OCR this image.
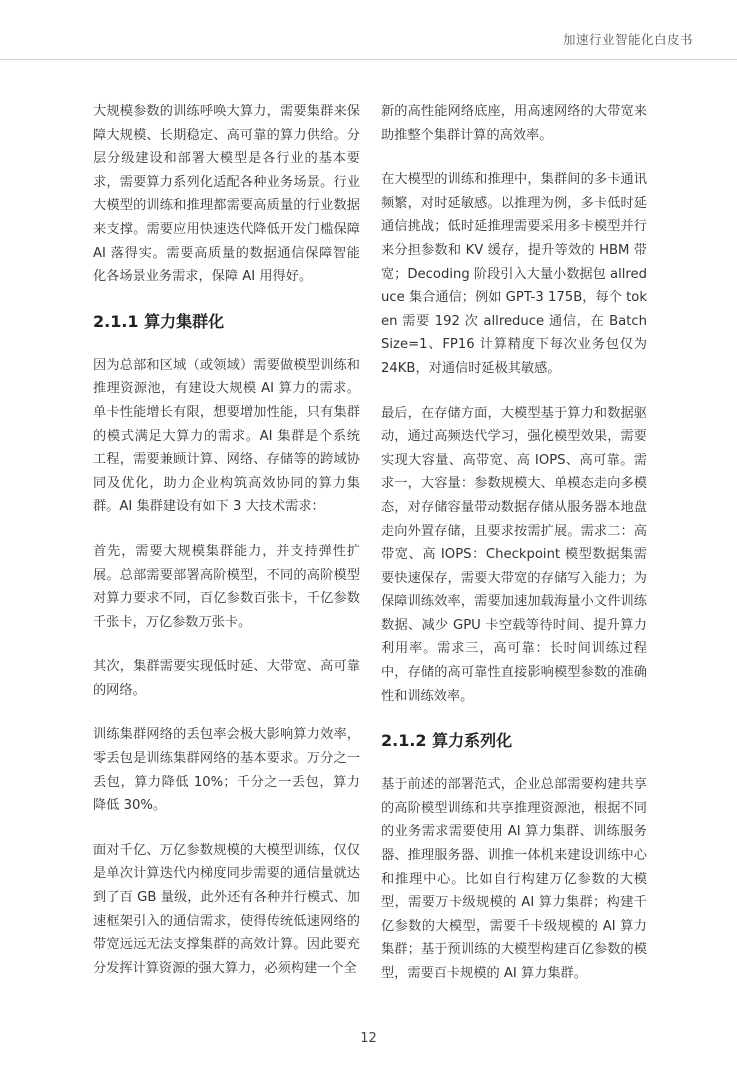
加速行业智能化白皮书

大规模参数的训练呼唤大算力，需要集群来保障大规模、长期稳定、高可靠的算力供给。分层分级建设和部署大模型是各行业的基本要求，需要算力系列化适配各种业务场景。行业大模型的训练和推理都需要高质量的行业数据来支撑。需要应用快速迭代降低开发门槛保障AI 落得实。需要高质量的数据通信保障智能化各场景业务需求，保障 AI 用得好。

2.1.1 算力集群化

因为总部和区域（或领域）需要做模型训练和推理资源池，有建设大规模 AI 算力的需求。单卡性能增长有限，想要增加性能，只有集群的模式满足大算力的需求。AI 集群是个系统工程，需要兼顾计算、网络、存储等的跨域协同及优化，助力企业构筑高效协同的算力集群。AI 集群建设有如下 3 大技术需求：

首先，需要大规模集群能力，并支持弹性扩展。总部需要部署高阶模型，不同的高阶模型对算力要求不同，百亿参数百张卡，千亿参数千张卡，万亿参数万张卡。

其次，集群需要实现低时延、大带宽、高可靠的网络。

训练集群网络的丢包率会极大影响算力效率，零丢包是训练集群网络的基本要求。万分之一丢包，算力降低 10%；千分之一丢包，算力降低 30%。

面对千亿、万亿参数规模的大模型训练，仅仅是单次计算迭代内梯度同步需要的通信量就达到了百 GB 量级，此外还有各种并行模式、加速框架引入的通信需求，使得传统低速网络的带宽远远无法支撑集群的高效计算。因此要充分发挥计算资源的强大算力，必须构建一个全

新的高性能网络底座，用高速网络的大带宽来助推整个集群计算的高效率。

在大模型的训练和推理中，集群间的多卡通讯频繁，对时延敏感。以推理为例，多卡低时延通信挑战；低时延推理需要采用多卡模型并行来分担参数和 KV 缓存，提升等效的 HBM 带宽；Decoding 阶段引入大量小数据包 allreduce 集合通信；例如 GPT-3 175B，每个 token 需要 192 次 allreduce 通信，在 BatchSize=1、FP16 计算精度下每次业务包仅为 24KB，对通信时延极其敏感。

最后，在存储方面，大模型基于算力和数据驱动，通过高频迭代学习，强化模型效果，需要实现大容量、高带宽、高 IOPS、高可靠。需求一，大容量：参数规模大、单模态走向多模态，对存储容量带动数据存储从服务器本地盘走向外置存储，且要求按需扩展。需求二：高带宽、高 IOPS：Checkpoint 模型数据集需要快速保存，需要大带宽的存储写入能力；为保障训练效率，需要加速加载海量小文件训练数据、减少 GPU 卡空载等待时间、提升算力利用率。需求三，高可靠：长时间训练过程中，存储的高可靠性直接影响模型参数的准确性和训练效率。

2.1.2 算力系列化

基于前述的部署范式，企业总部需要构建共享的高阶模型训练和共享推理资源池，根据不同的业务需求需要使用 AI 算力集群、训练服务器、推理服务器、训推一体机来建设训练中心和推理中心。比如自行构建万亿参数的大模型，需要万卡级规模的 AI 算力集群；构建千亿参数的大模型，需要千卡级规模的 AI 算力集群；基于预训练的大模型构建百亿参数的模型，需要百卡规模的 AI 算力集群。

12
